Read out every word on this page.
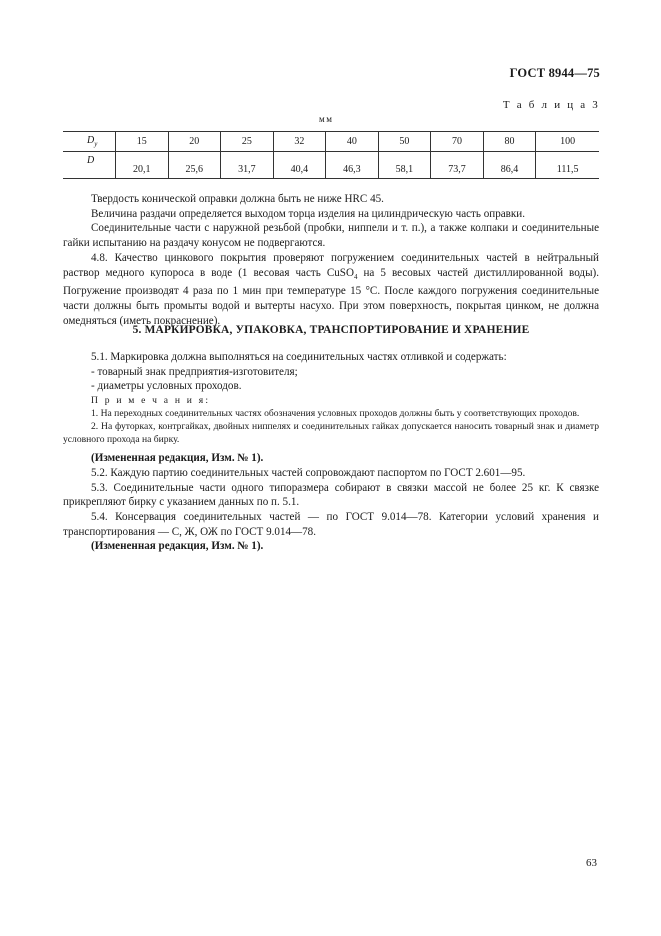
ГОСТ 8944—75
Т а б л и ц а 3
мм
$D_у$	15	20	25	32	40	50	70	80	100
D	20,1	25,6	31,7	40,4	46,3	58,1	73,7	86,4	111,5

Твердость конической оправки должна быть не ниже HRC 45.

Величина раздачи определяется выходом торца изделия на цилиндрическую часть оправки.

Соединительные части с наружной резьбой (пробки, ниппели и т. п.), а также колпаки и соединительные гайки испытанию на раздачу конусом не подвергаются.

4.8. Качество цинкового покрытия проверяют погружением соединительных частей в нейтральный раствор медного купороса в воде (1 весовая часть CuSO$_4$ на 5 весовых частей дистиллированной воды). Погружение производят 4 раза по 1 мин при температуре 15 °С. После каждого погружения соединительные части должны быть промыты водой и вытерты насухо. При этом поверхность, покрытая цинком, не должна омедняться (иметь покраснение).

5. МАРКИРОВКА, УПАКОВКА, ТРАНСПОРТИРОВАНИЕ И ХРАНЕНИЕ

5.1. Маркировка должна выполняться на соединительных частях отливкой и содержать:

- товарный знак предприятия-изготовителя;

- диаметры условных проходов.

П р и м е ч а н и я:

1. На переходных соединительных частях обозначения условных проходов должны быть у соответствующих проходов.

2. На футорках, контргайках, двойных ниппелях и соединительных гайках допускается наносить товарный знак и диаметр условного прохода на бирку.

(Измененная редакция, Изм. № 1).

5.2. Каждую партию соединительных частей сопровождают паспортом по ГОСТ 2.601—95.

5.3. Соединительные части одного типоразмера собирают в связки массой не более 25 кг. К связке прикрепляют бирку с указанием данных по п. 5.1.

5.4. Консервация соединительных частей — по ГОСТ 9.014—78. Категории условий хранения и транспортирования — С, Ж, ОЖ по ГОСТ 9.014—78.

(Измененная редакция, Изм. № 1).

63
